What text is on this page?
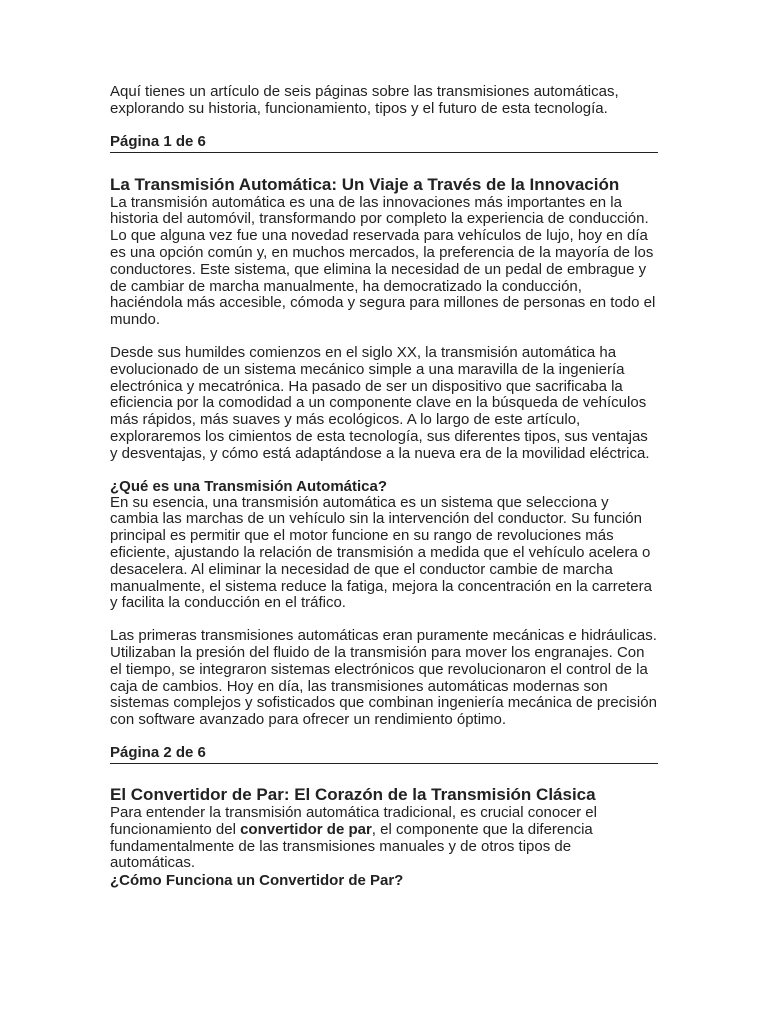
Aquí tienes un artículo de seis páginas sobre las transmisiones automáticas, explorando su historia, funcionamiento, tipos y el futuro de esta tecnología.

Página 1 de 6
La Transmisión Automática: Un Viaje a Través de la Innovación

La transmisión automática es una de las innovaciones más importantes en la historia del automóvil, transformando por completo la experiencia de conducción. Lo que alguna vez fue una novedad reservada para vehículos de lujo, hoy en día es una opción común y, en muchos mercados, la preferencia de la mayoría de los conductores. Este sistema, que elimina la necesidad de un pedal de embrague y de cambiar de marcha manualmente, ha democratizado la conducción, haciéndola más accesible, cómoda y segura para millones de personas en todo el mundo.

Desde sus humildes comienzos en el siglo XX, la transmisión automática ha evolucionado de un sistema mecánico simple a una maravilla de la ingeniería electrónica y mecatrónica. Ha pasado de ser un dispositivo que sacrificaba la eficiencia por la comodidad a un componente clave en la búsqueda de vehículos más rápidos, más suaves y más ecológicos. A lo largo de este artículo, exploraremos los cimientos de esta tecnología, sus diferentes tipos, sus ventajas y desventajas, y cómo está adaptándose a la nueva era de la movilidad eléctrica.

¿Qué es una Transmisión Automática?

En su esencia, una transmisión automática es un sistema que selecciona y cambia las marchas de un vehículo sin la intervención del conductor. Su función principal es permitir que el motor funcione en su rango de revoluciones más eficiente, ajustando la relación de transmisión a medida que el vehículo acelera o desacelera. Al eliminar la necesidad de que el conductor cambie de marcha manualmente, el sistema reduce la fatiga, mejora la concentración en la carretera y facilita la conducción en el tráfico.

Las primeras transmisiones automáticas eran puramente mecánicas e hidráulicas. Utilizaban la presión del fluido de la transmisión para mover los engranajes. Con el tiempo, se integraron sistemas electrónicos que revolucionaron el control de la caja de cambios. Hoy en día, las transmisiones automáticas modernas son sistemas complejos y sofisticados que combinan ingeniería mecánica de precisión con software avanzado para ofrecer un rendimiento óptimo.

Página 2 de 6
El Convertidor de Par: El Corazón de la Transmisión Clásica

Para entender la transmisión automática tradicional, es crucial conocer el funcionamiento del convertidor de par, el componente que la diferencia fundamentalmente de las transmisiones manuales y de otros tipos de automáticas.

¿Cómo Funciona un Convertidor de Par?
